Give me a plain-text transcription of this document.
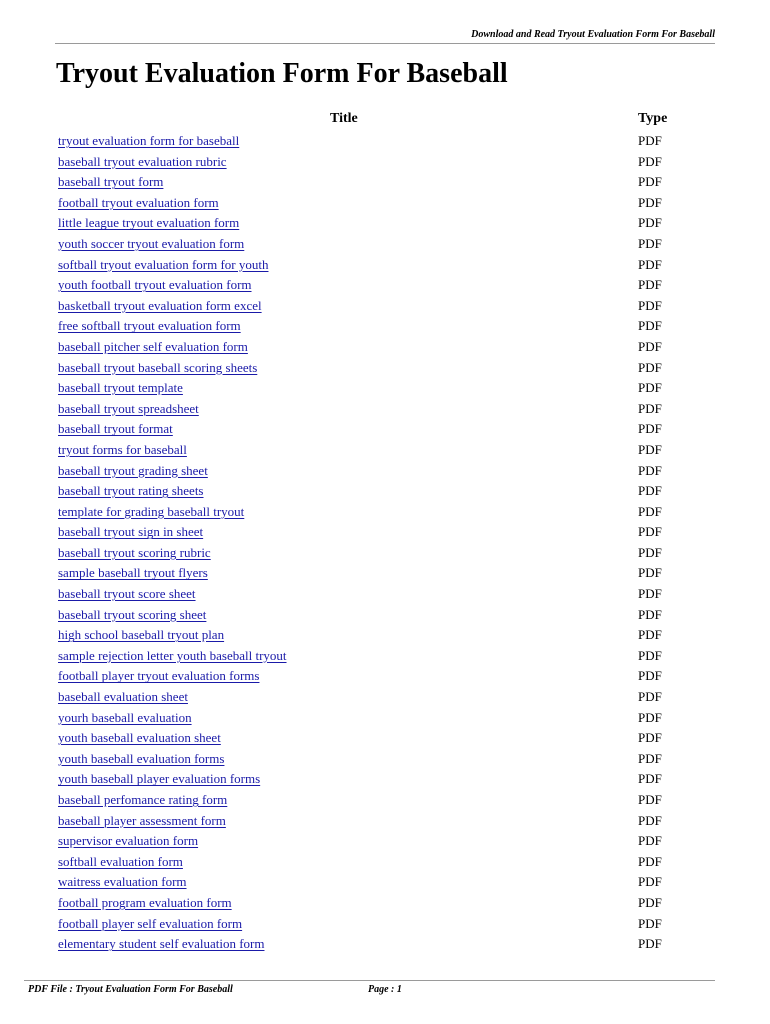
Download and Read Tryout Evaluation Form For Baseball
Tryout Evaluation Form For Baseball
Title	Type
tryout evaluation form for baseball	PDF
baseball tryout evaluation rubric	PDF
baseball tryout form	PDF
football tryout evaluation form	PDF
little league tryout evaluation form	PDF
youth soccer tryout evaluation form	PDF
softball tryout evaluation form for youth	PDF
youth football tryout evaluation form	PDF
basketball tryout evaluation form excel	PDF
free softball tryout evaluation form	PDF
baseball pitcher self evaluation form	PDF
baseball tryout baseball scoring sheets	PDF
baseball tryout template	PDF
baseball tryout spreadsheet	PDF
baseball tryout format	PDF
tryout forms for baseball	PDF
baseball tryout grading sheet	PDF
baseball tryout rating sheets	PDF
template for grading baseball tryout	PDF
baseball tryout sign in sheet	PDF
baseball tryout scoring rubric	PDF
sample baseball tryout flyers	PDF
baseball tryout score sheet	PDF
baseball tryout scoring sheet	PDF
high school baseball tryout plan	PDF
sample rejection letter youth baseball tryout	PDF
football player tryout evaluation forms	PDF
baseball evaluation sheet	PDF
yourh baseball evaluation	PDF
youth baseball evaluation sheet	PDF
youth baseball evaluation forms	PDF
youth baseball player evaluation forms	PDF
baseball perfomance rating form	PDF
baseball player assessment form	PDF
supervisor evaluation form	PDF
softball evaluation form	PDF
waitress evaluation form	PDF
football program evaluation form	PDF
football player self evaluation form	PDF
elementary student self evaluation form	PDF
PDF File : Tryout Evaluation Form For Baseball	Page : 1
